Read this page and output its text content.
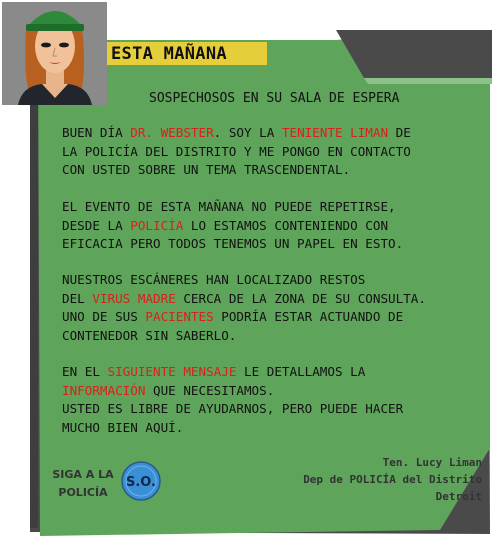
ESTA MAÑANA
SOSPECHOSOS EN SU SALA DE ESPERA
BUEN DÍA DR. WEBSTER. SOY LA TENIENTE LIMAN DE
LA POLICÍA DEL DISTRITO Y ME PONGO EN CONTACTO
CON USTED SOBRE UN TEMA TRASCENDENTAL.
EL EVENTO DE ESTA MAÑANA NO PUEDE REPETIRSE,
DESDE LA POLICÍA LO ESTAMOS CONTENIENDO CON
EFICACIA PERO TODOS TENEMOS UN PAPEL EN ESTO.
NUESTROS ESCÁNERES HAN LOCALIZADO RESTOS
DEL VIRUS MADRE CERCA DE LA ZONA DE SU CONSULTA.
UNO DE SUS PACIENTES PODRÍA ESTAR ACTUANDO DE
CONTENEDOR SIN SABERLO.
EN EL SIGUIENTE MENSAJE LE DETALLAMOS LA
INFORMACIÓN QUE NECESITAMOS.
USTED ES LIBRE DE AYUDARNOS, PERO PUEDE HACER
MUCHO BIEN AQUÍ.
Ten. Lucy Liman
Dep de POLICÍA del Distrito
Detroit
SIGA A LA
POLICÍA
S.O.
